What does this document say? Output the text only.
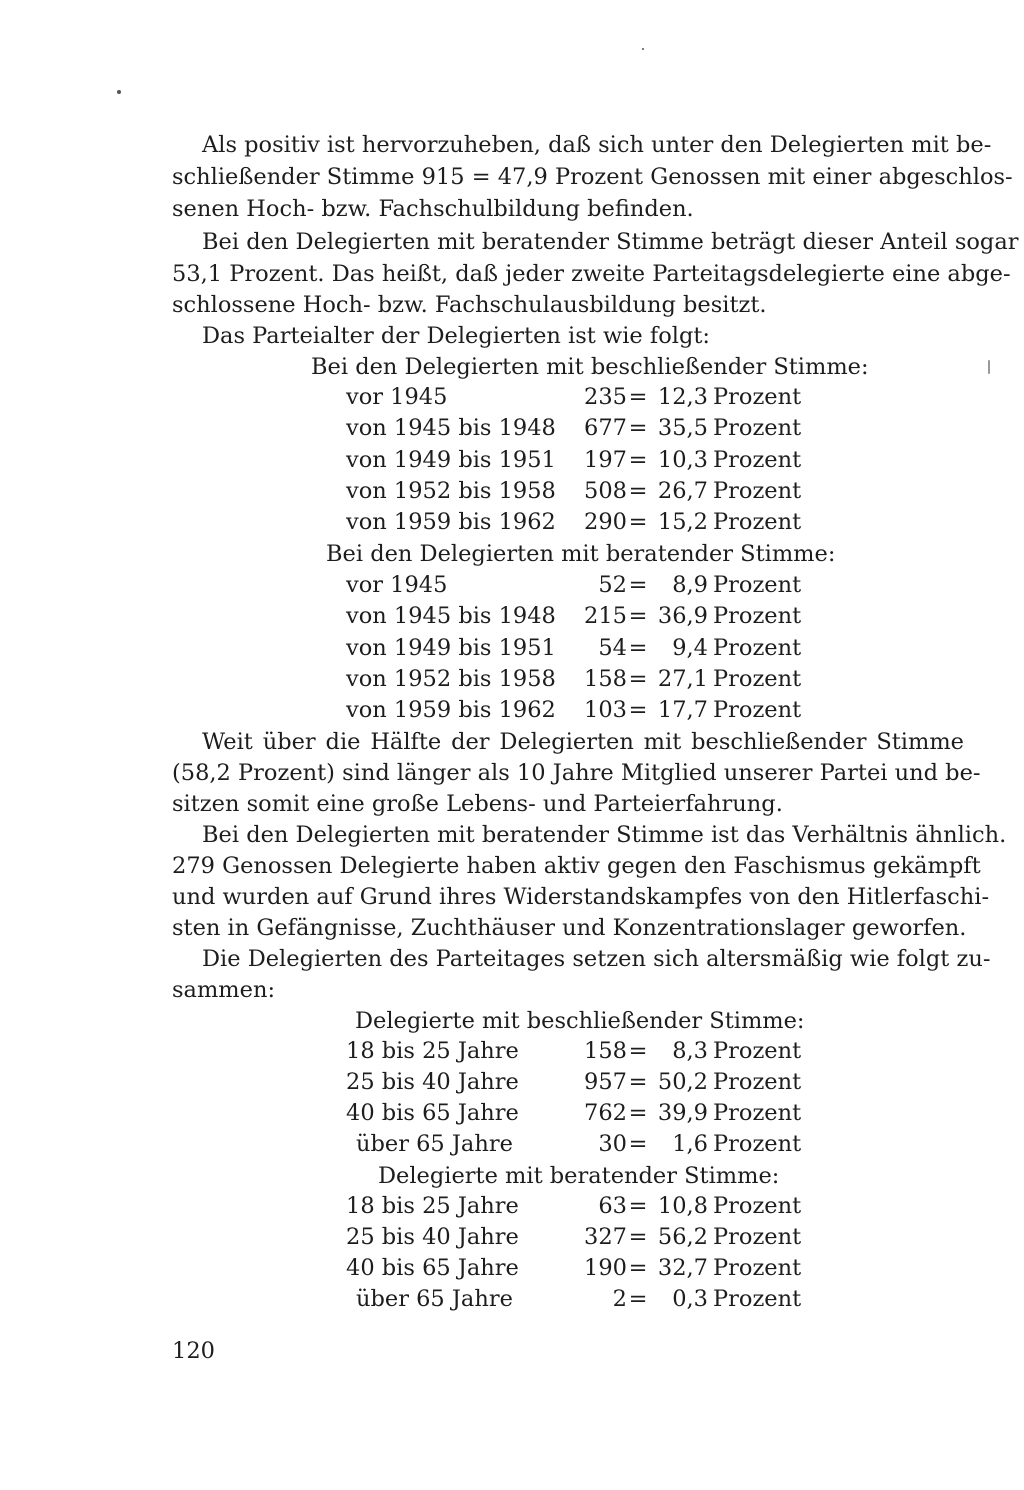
Als positiv ist hervorzuheben, daß sich unter den Delegierten mit be-
schließender Stimme 915 = 47,9 Prozent Genossen mit einer abgeschlos-
senen Hoch- bzw. Fachschulbildung befinden.
Bei den Delegierten mit beratender Stimme beträgt dieser Anteil sogar
53,1 Prozent. Das heißt, daß jeder zweite Parteitagsdelegierte eine abge-
schlossene Hoch- bzw. Fachschulausbildung besitzt.
Das Parteialter der Delegierten ist wie folgt:
Bei den Delegierten mit beschließender Stimme:
vor 1945	235 = 12,3 Prozent
von 1945 bis 1948	677 = 35,5 Prozent
von 1949 bis 1951	197 = 10,3 Prozent
von 1952 bis 1958	508 = 26,7 Prozent
von 1959 bis 1962	290 = 15,2 Prozent
Bei den Delegierten mit beratender Stimme:
vor 1945	52 =	8,9 Prozent
von 1945 bis 1948	215 = 36,9 Prozent
von 1949 bis 1951	54 =	9,4 Prozent
von 1952 bis 1958	158 = 27,1 Prozent
von 1959 bis 1962	103 = 17,7 Prozent
Weit über die Hälfte der Delegierten mit beschließender Stimme
(58,2 Prozent) sind länger als 10 Jahre Mitglied unserer Partei und be-
sitzen somit eine große Lebens- und Parteierfahrung.
Bei den Delegierten mit beratender Stimme ist das Verhältnis ähnlich.
279 Genossen Delegierte haben aktiv gegen den Faschismus gekämpft
und wurden auf Grund ihres Widerstandskampfes von den Hitlerfaschi-
sten in Gefängnisse, Zuchthäuser und Konzentrationslager geworfen.
Die Delegierten des Parteitages setzen sich altersmäßig wie folgt zu-
sammen:
Delegierte mit beschließender Stimme:
18 bis 25 Jahre	158 =	8,3 Prozent
25 bis 40 Jahre	957 = 50,2 Prozent
40 bis 65 Jahre	762 = 39,9 Prozent
über 65 Jahre	30 =	1,6 Prozent
Delegierte mit beratender Stimme:
18 bis 25 Jahre	63 = 10,8 Prozent
25 bis 40 Jahre	327 = 56,2 Prozent
40 bis 65 Jahre	190 = 32,7 Prozent
über 65 Jahre	2 =	0,3 Prozent
120
